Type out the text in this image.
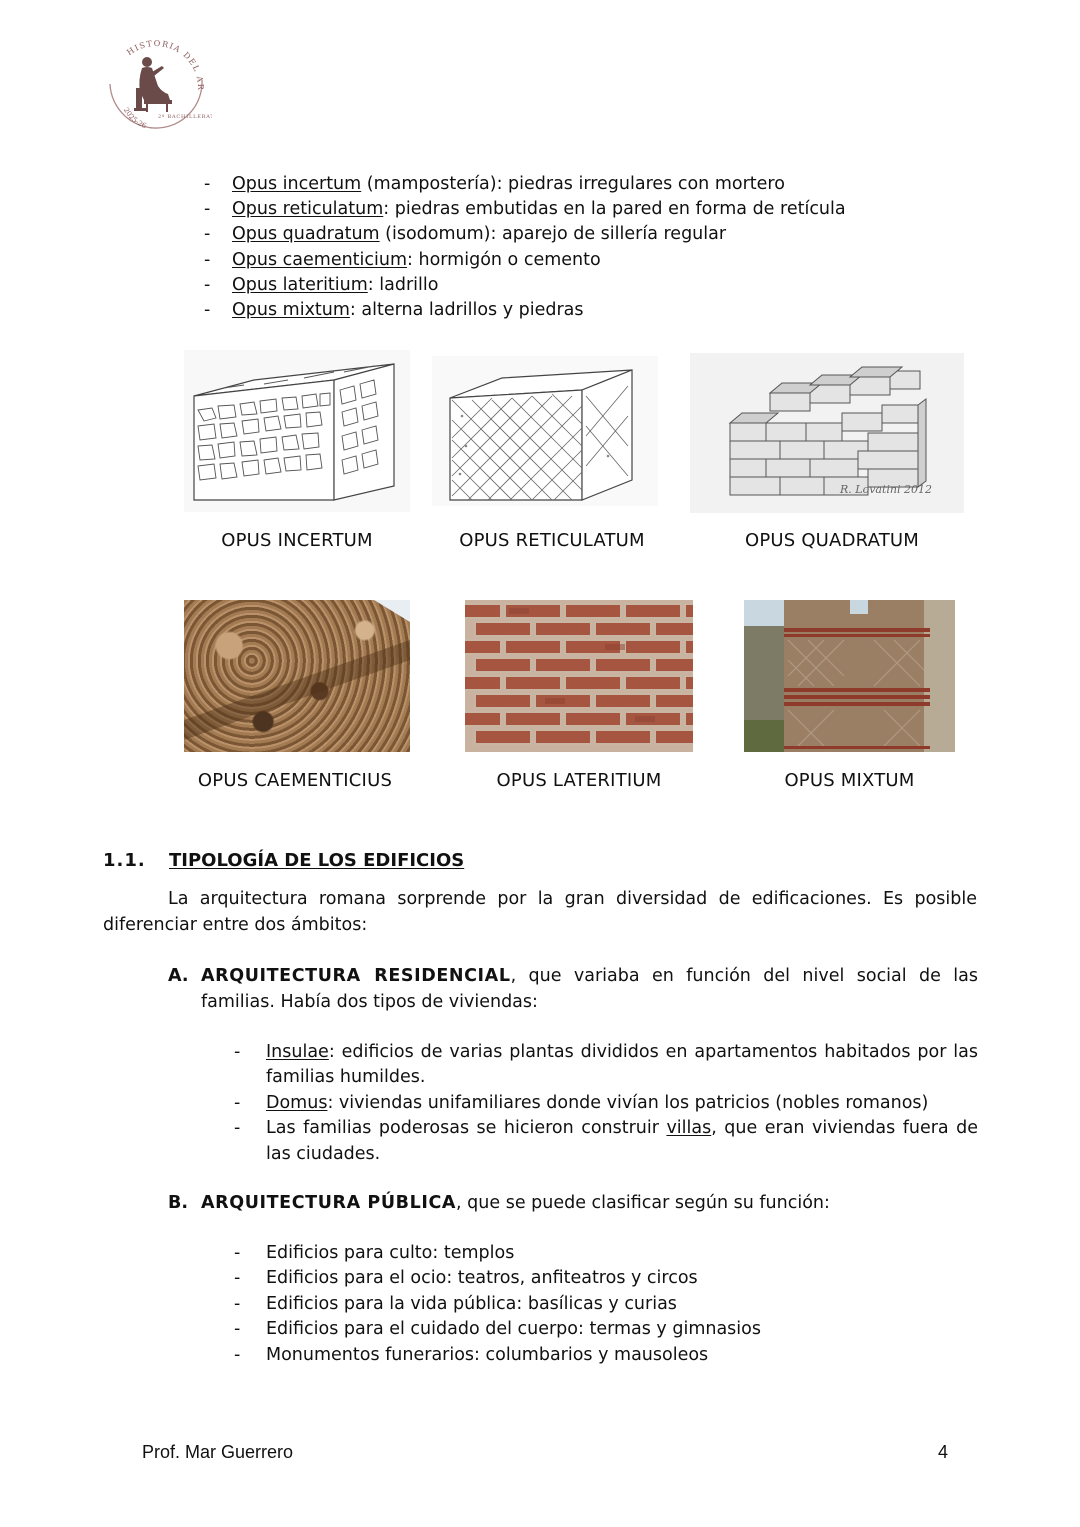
HISTORIA DEL AR
2º BACHILLERA
2025-26
-	Opus incertum (mampostería): piedras irregulares con mortero
-	Opus reticulatum: piedras embutidas en la pared en forma de retícula
-	Opus quadratum (isodomum): aparejo de sillería regular
-	Opus caementicium: hormigón o cemento
-	Opus lateritium: ladrillo
-	Opus mixtum: alterna ladrillos y piedras
R. Lovatini 2012
OPUS INCERTUM	OPUS RETICULATUM	OPUS QUADRATUM
OPUS CAEMENTICIUS	OPUS LATERITIUM	OPUS MIXTUM
1.1. TIPOLOGÍA DE LOS EDIFICIOS
La arquitectura romana sorprende por la gran diversidad de edificaciones. Es posible diferenciar entre dos ámbitos:
A. ARQUITECTURA RESIDENCIAL, que variaba en función del nivel social de las familias. Había dos tipos de viviendas:
-	Insulae: edificios de varias plantas divididos en apartamentos habitados por las familias humildes.
-	Domus: viviendas unifamiliares donde vivían los patricios (nobles romanos)
-	Las familias poderosas se hicieron construir villas, que eran viviendas fuera de las ciudades.
B. ARQUITECTURA PÚBLICA, que se puede clasificar según su función:
-	Edificios para culto: templos
-	Edificios para el ocio: teatros, anfiteatros y circos
-	Edificios para la vida pública: basílicas y curias
-	Edificios para el cuidado del cuerpo: termas y gimnasios
-	Monumentos funerarios: columbarios y mausoleos
Prof. Mar Guerrero	4
